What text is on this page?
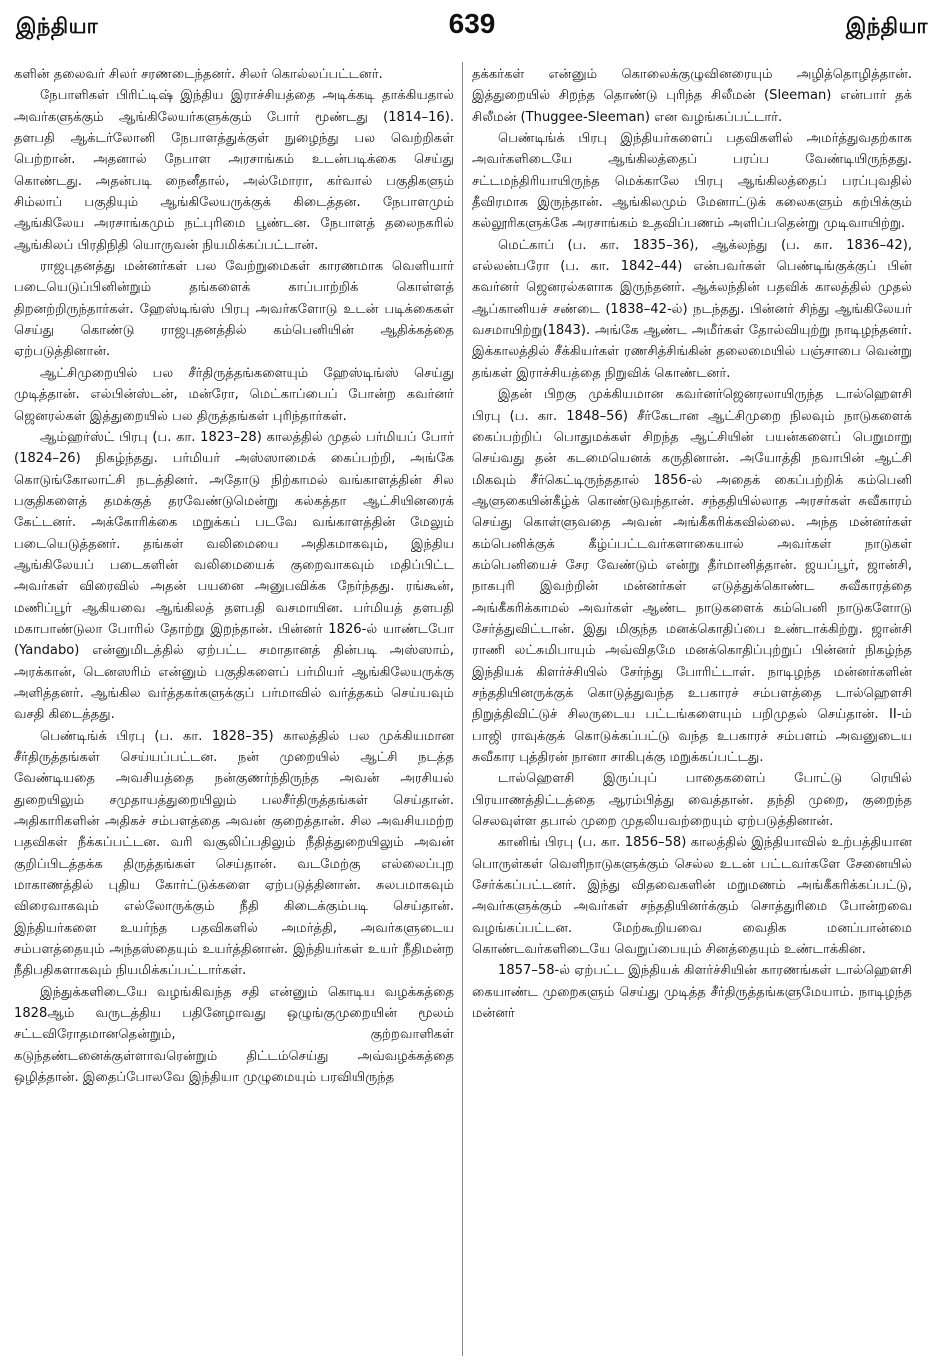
இந்தியா	639	இந்தியா

களின் தலைவர் சிலர் சரணடைந்தனர். சிலர் கொல்லப்பட்டனர்.

நேபாளிகள் பிரிட்டிஷ் இந்திய இராச்சியத்தை அடிக்கடி தாக்கியதால் அவர்களுக்கும் ஆங்கிலேயர்களுக்கும் போர் மூண்டது (1814–16). தளபதி ஆக்டர்லோனி நேபாளத்துக்குள் நுழைந்து பல வெற்றிகள் பெற்றான். அதனால் நேபாள அரசாங்கம் உடன்படிக்கை செய்து கொண்டது. அதன்படி நைனீதால், அல்மோரா, கர்வால் பகுதிகளும் சிம்லாப் பகுதியும் ஆங்கிலேயருக்குக் கிடைத்தன. நேபாளமும் ஆங்கிலேய அரசாங்கமும் நட்புரிமை பூண்டன. நேபாளத் தலைநகரில் ஆங்கிலப் பிரதிநிதி யொருவன் நியமிக்கப்பட்டான்.

ராஜபுதனத்து மன்னர்கள் பல வேற்றுமைகள் காரணமாக வெளியார் படையெடுப்பினின்றும் தங்களைக் காப்பாற்றிக் கொள்ளத் திறனற்றிருந்தார்கள். ஹேஸ்டிங்ஸ் பிரபு அவர்களோடு உடன் படிக்கைகள் செய்து கொண்டு ராஜபுதனத்தில் கம்பெனியின் ஆதிக்கத்தை ஏற்படுத்தினான்.

ஆட்சிமுறையில் பல சீர்திருத்தங்களையும் ஹேஸ்டிங்ஸ் செய்து முடித்தான். எல்பின்ஸ்டன், மன்ரோ, மெட்காப்பைப் போன்ற கவர்னர் ஜெனரல்கள் இத்துறையில் பல திருத்தங்கள் புரிந்தார்கள்.

ஆம்ஹர்ஸ்ட் பிரபு (ப. கா. 1823–28) காலத்தில் முதல் பர்மியப் போர் (1824–26) நிகழ்ந்தது. பர்மியர் அஸ்ஸாமைக் கைப்பற்றி, அங்கே கொடுங்கோலாட்சி நடத்தினர். அதோடு நிற்காமல் வங்காளத்தின் சில பகுதிகளைத் தமக்குத் தரவேண்டுமென்று கல்கத்தா ஆட்சியினரைக் கேட்டனர். அக்கோரிக்கை மறுக்கப் படவே வங்காளத்தின் மேலும் படையெடுத்தனர். தங்கள் வலிமையை அதிகமாகவும், இந்திய ஆங்கிலேயப் படைகளின் வலிமையைக் குறைவாகவும் மதிப்பிட்ட அவர்கள் விரைவில் அதன் பயனை அனுபவிக்க நேர்ந்தது. ரங்கூன், மணிப்பூர் ஆகியவை ஆங்கிலத் தளபதி வசமாயின. பர்மியத் தளபதி மகாபாண்டுலா போரில் தோற்று இறந்தான். பின்னர் 1826-ல் யாண்டபோ (Yandabo) என்னுமிடத்தில் ஏற்பட்ட சமாதானத் தின்படி அஸ்ஸாம், அரக்கான், டெனஸரிம் என்னும் பகுதிகளைப் பர்மியர் ஆங்கிலேயருக்கு அளித்தனர். ஆங்கில வர்த்தகர்களுக்குப் பர்மாவில் வர்த்தகம் செய்யவும் வசதி கிடைத்தது.

பெண்டிங்க் பிரபு (ப. கா. 1828–35) காலத்தில் பல முக்கியமான சீர்திருத்தங்கள் செய்யப்பட்டன. நன் முறையில் ஆட்சி நடத்த வேண்டியதை அவசியத்தை நன்குணர்ந்திருந்த அவன் அரசியல் துறையிலும் சமுதாயத்துறையிலும் பலசீர்திருத்தங்கள் செய்தான். அதிகாரிகளின் அதிகச் சம்பளத்தை அவன் குறைத்தான். சில அவசியமற்ற பதவிகள் நீக்கப்பட்டன. வரி வசூலிப்பதிலும் நீதித்துறையிலும் அவன் குறிப்பிடத்தக்க திருத்தங்கள் செய்தான். வடமேற்கு எல்லைப்புற மாகாணத்தில் புதிய கோர்ட்டுக்களை ஏற்படுத்தினான். சுலபமாகவும் விரைவாகவும் எல்லோருக்கும் நீதி கிடைக்கும்படி செய்தான். இந்தியர்களை உயர்ந்த பதவிகளில் அமர்த்தி, அவர்களுடைய சம்பளத்தையும் அந்தஸ்தையும் உயர்த்தினான். இந்தியர்கள் உயர் நீதிமன்ற நீதிபதிகளாகவும் நியமிக்கப்பட்டார்கள்.

இந்துக்களிடையே வழங்கிவந்த சதி என்னும் கொடிய வழக்கத்தை 1828ஆம் வருடத்திய பதினேழாவது ஒழுங்குமுறையின் மூலம் சட்டவிரோதமானதென்றும், குற்றவாளிகள் கடுந்தண்டனைக்குள்ளாவரென்றும் திட்டம்செய்து அவ்வழக்கத்தை ஒழித்தான். இதைப்போலவே இந்தியா முழுமையும் பரவியிருந்த

தக்கர்கள் என்னும் கொலைக்குழுவினரையும் அழித்தொழித்தான். இத்துறையில் சிறந்த தொண்டு புரிந்த சிலீமன் (Sleeman) என்பார் தக் சிலீமன் (Thuggee-Sleeman) என வழங்கப்பட்டார்.

பெண்டிங்க் பிரபு இந்தியர்களைப் பதவிகளில் அமர்த்துவதற்காக அவர்களிடையே ஆங்கிலத்தைப் பரப்ப வேண்டியிருந்தது. சட்டமந்திரியாயிருந்த மெக்காலே பிரபு ஆங்கிலத்தைப் பரப்புவதில் தீவிரமாக இருந்தான். ஆங்கிலமும் மேனாட்டுக் கலைகளும் கற்பிக்கும் கல்லூரிகளுக்கே அரசாங்கம் உதவிப்பணம் அளிப்பதென்று முடிவாயிற்று.

மெட்காப் (ப. கா. 1835–36), ஆக்லந்து (ப. கா. 1836–42), எல்லன்பரோ (ப. கா. 1842–44) என்பவர்கள் பெண்டிங்குக்குப் பின் கவர்னர் ஜெனரல்களாக இருந்தனர். ஆக்லந்தின் பதவிக் காலத்தில் முதல் ஆப்கானியச் சண்டை (1838–42-ல்) நடந்தது. பின்னர் சிந்து ஆங்கிலேயர் வசமாயிற்று(1843). அங்கே ஆண்ட அமீர்கள் தோல்வியுற்று நாடிழந்தனர். இக்காலத்தில் சீக்கியர்கள் ரணசித்சிங்கின் தலைமையில் பஞ்சாபை வென்று தங்கள் இராச்சியத்தை நிறுவிக் கொண்டனர்.

இதன் பிறகு முக்கியமான கவர்னர்ஜெனரலாயிருந்த டால்ஹௌசி பிரபு (ப. கா. 1848–56) சீர்கேடான ஆட்சிமுறை நிலவும் நாடுகளைக் கைப்பற்றிப் பொதுமக்கள் சிறந்த ஆட்சியின் பயன்களைப் பெறுமாறு செய்வது தன் கடமையெனக் கருதினான். அயோத்தி நவாபின் ஆட்சி மிகவும் சீர்கெட்டிருந்ததால் 1856-ல் அதைக் கைப்பற்றிக் கம்பெனி ஆளுகையின்கீழ்க் கொண்டுவந்தான். சந்ததியில்லாத அரசர்கள் சுவீகாரம் செய்து கொள்ளுவதை அவன் அங்கீகரிக்கவில்லை. அந்த மன்னர்கள் கம்பெனிக்குக் கீழ்ப்பட்டவர்களாகையால் அவர்கள் நாடுகள் கம்பெனியைச் சேர வேண்டும் என்று தீர்மானித்தான். ஜயப்பூர், ஜான்சி, நாகபுரி இவற்றின் மன்னர்கள் எடுத்துக்கொண்ட சுவீகாரத்தை அங்கீகரிக்காமல் அவர்கள் ஆண்ட நாடுகளைக் கம்பெனி நாடுகளோடு சேர்த்துவிட்டான். இது மிகுந்த மனக்கொதிப்பை உண்டாக்கிற்று. ஜான்சி ராணி லட்சுமிபாயும் அவ்விதமே மனக்கொதிப்புற்றுப் பின்னர் நிகழ்ந்த இந்தியக் கிளர்ச்சியில் சேர்ந்து போரிட்டாள். நாடிழந்த மன்னர்களின் சந்ததியினருக்குக் கொடுத்துவந்த உபகாரச் சம்பளத்தை டால்ஹௌசி நிறுத்திவிட்டுச் சிலருடைய பட்டங்களையும் பறிமுதல் செய்தான். II-ம் பாஜி ராவுக்குக் கொடுக்கப்பட்டு வந்த உபகாரச் சம்பளம் அவனுடைய சுவீகார புத்திரன் நானா சாகிபுக்கு மறுக்கப்பட்டது.

டால்ஹௌசி இருப்புப் பாதைகளைப் போட்டு ரெயில் பிரயாணத்திட்டத்தை ஆரம்பித்து வைத்தான். தந்தி முறை, குறைந்த செலவுள்ள தபால் முறை முதலியவற்றையும் ஏற்படுத்தினான்.

கானிங் பிரபு (ப. கா. 1856–58) காலத்தில் இந்தியாவில் உற்பத்தியான பொருள்கள் வெளிநாடுகளுக்கும் செல்ல உடன் பட்டவர்களே சேனையில் சேர்க்கப்பட்டனர். இந்து விதவைகளின் மறுமணம் அங்கீகரிக்கப்பட்டு, அவர்களுக்கும் அவர்கள் சந்ததியினர்க்கும் சொத்துரிமை போன்றவை வழங்கப்பட்டன. மேற்கூறியவை வைதிக மனப்பான்மை கொண்டவர்களிடையே வெறுப்பையும் சினத்தையும் உண்டாக்கின.

1857–58-ல் ஏற்பட்ட இந்தியக் கிளர்ச்சியின் காரணங்கள் டால்ஹௌசி கையாண்ட முறைகளும் செய்து முடித்த சீர்திருத்தங்களுமேயாம். நாடிழந்த மன்னர்
